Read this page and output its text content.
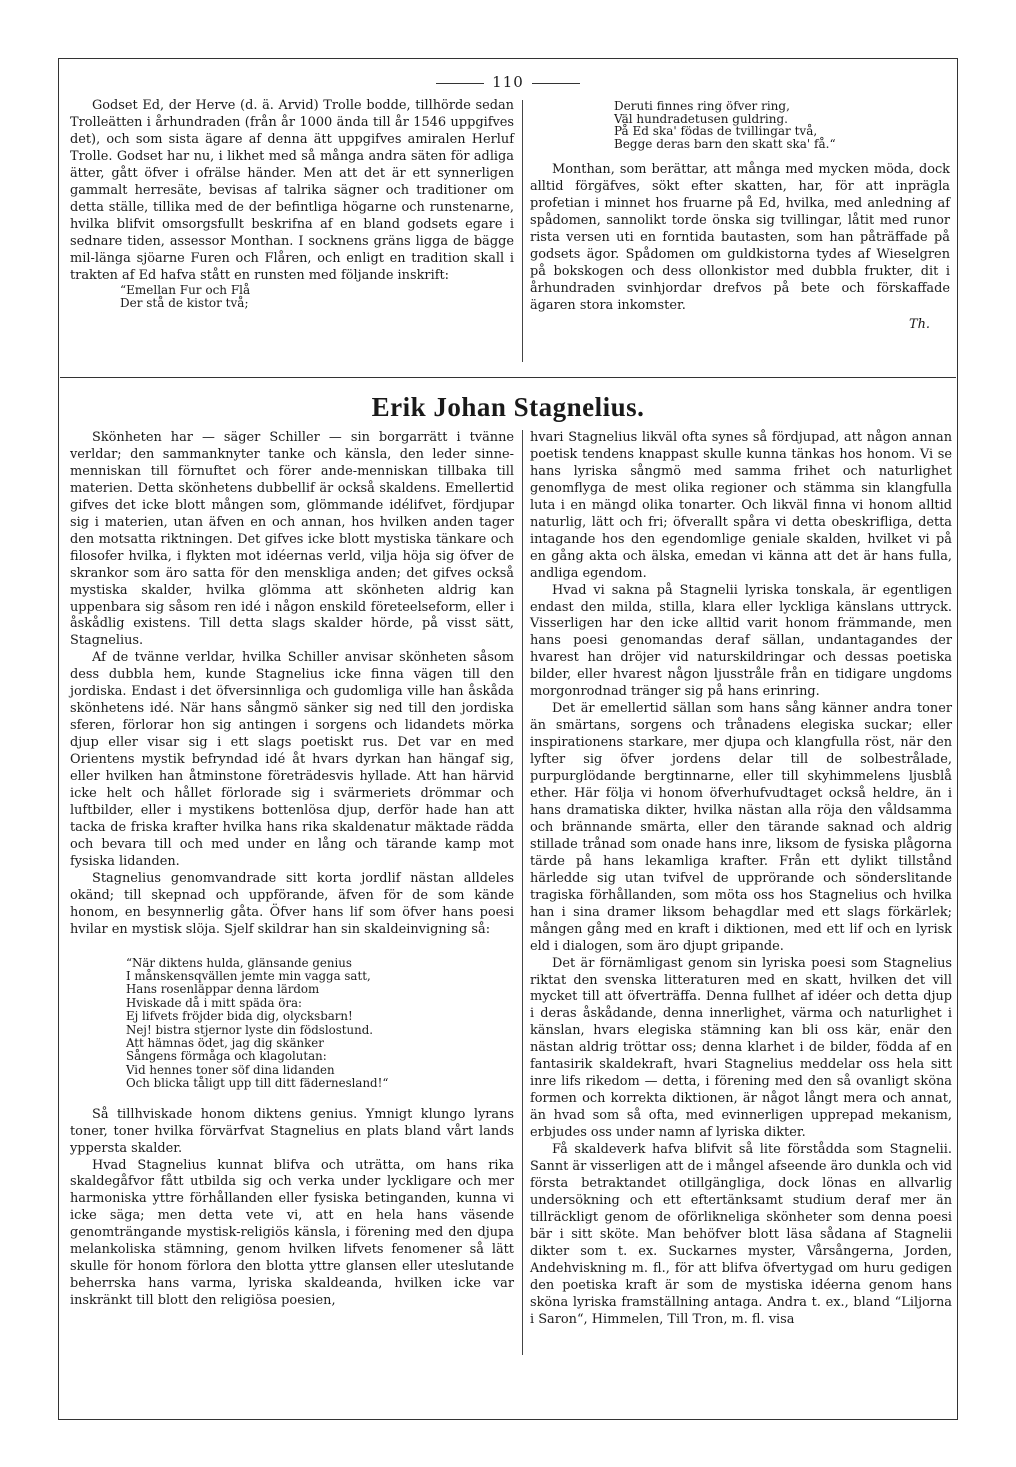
110

Godset Ed, der Herve (d. ä. Arvid) Trolle bodde, tillhörde sedan Trolleätten i århundraden (från år 1000 ända till år 1546 uppgifves det), och som sista ägare af denna ätt uppgifves amiralen Herluf Trolle. Godset har nu, i likhet med så många andra säten för adliga ätter, gått öfver i ofrälse händer. Men att det är ett synnerligen gammalt herresäte, bevisas af talrika sägner och traditioner om detta ställe, tillika med de der befintliga högarne och runstenarne, hvilka blifvit omsorgsfullt beskrifna af en bland godsets egare i sednare tiden, assessor Monthan. I socknens gräns ligga de bägge mil-länga sjöarne Furen och Flåren, och enligt en tradition skall i trakten af Ed hafva stått en runsten med följande inskrift:

“Emellan Fur och Flå
Der stå de kistor två;
Deruti finnes ring öfver ring,
Väl hundradetusen guldring.
På Ed ska' födas de tvillingar två,
Begge deras barn den skatt ska' få.“

Monthan, som berättar, att många med mycken möda, dock alltid förgäfves, sökt efter skatten, har, för att inprägla profetian i minnet hos fruarne på Ed, hvilka, med anledning af spådomen, sannolikt torde önska sig tvillingar, låtit med runor rista versen uti en forntida bautasten, som han påträffade på godsets ägor. Spådomen om guldkistorna tydes af Wieselgren på bokskogen och dess ollonkistor med dubbla frukter, dit i århundraden svinhjordar drefvos på bete och förskaffade ägaren stora inkomster.

Th.
Erik Johan Stagnelius.

Skönheten har — säger Schiller — sin borgarrätt i tvänne verldar; den sammanknyter tanke och känsla, den leder sinne-menniskan till förnuftet och förer ande-menniskan tillbaka till materien. Detta skönhetens dubbellif är också skaldens. Emellertid gifves det icke blott mången som, glömmande idélifvet, fördjupar sig i materien, utan äfven en och annan, hos hvilken anden tager den motsatta riktningen. Det gifves icke blott mystiska tänkare och filosofer hvilka, i flykten mot idéernas verld, vilja höja sig öfver de skrankor som äro satta för den menskliga anden; det gifves också mystiska skalder, hvilka glömma att skönheten aldrig kan uppenbara sig såsom ren idé i någon enskild företeelseform, eller i åskådlig existens. Till detta slags skalder hörde, på visst sätt, Stagnelius.

Af de tvänne verldar, hvilka Schiller anvisar skönheten såsom dess dubbla hem, kunde Stagnelius icke finna vägen till den jordiska. Endast i det öfversinnliga och gudomliga ville han åskåda skönhetens idé. När hans sångmö sänker sig ned till den jordiska sferen, förlorar hon sig antingen i sorgens och lidandets mörka djup eller visar sig i ett slags poetiskt rus. Det var en med Orientens mystik befryndad idé åt hvars dyrkan han hängaf sig, eller hvilken han åtminstone företrädesvis hyllade. Att han härvid icke helt och hållet förlorade sig i svärmeriets drömmar och luftbilder, eller i mystikens bottenlösa djup, derför hade han att tacka de friska krafter hvilka hans rika skaldenatur mäktade rädda och bevara till och med under en lång och tärande kamp mot fysiska lidanden.

Stagnelius genomvandrade sitt korta jordlif nästan alldeles okänd; till skepnad och uppförande, äfven för de som kände honom, en besynnerlig gåta. Öfver hans lif som öfver hans poesi hvilar en mystisk slöja. Sjelf skildrar han sin skaldeinvigning så:

“När diktens hulda, glänsande genius
I månskensqvällen jemte min vagga satt,
Hans rosenläppar denna lärdom
Hviskade då i mitt späda öra:
Ej lifvets fröjder bida dig, olycksbarn!
Nej! bistra stjernor lyste din födslostund.
Att hämnas ödet, jag dig skänker
Sångens förmåga och klagolutan:
Vid hennes toner söf dina lidanden
Och blicka tåligt upp till ditt fädernesland!“

Så tillhviskade honom diktens genius. Ymnigt klungo lyrans toner, toner hvilka förvärfvat Stagnelius en plats bland vårt lands yppersta skalder.

Hvad Stagnelius kunnat blifva och uträtta, om hans rika skaldegåfvor fått utbilda sig och verka under lyckligare och mer harmoniska yttre förhållanden eller fysiska betinganden, kunna vi icke säga; men detta vete vi, att en hela hans väsende genomträngande mystisk-religiös känsla, i förening med den djupa melankoliska stämning, genom hvilken lifvets fenomener så lätt skulle för honom förlora den blotta yttre glansen eller uteslutande beherrska hans varma, lyriska skaldeanda, hvilken icke var inskränkt till blott den religiösa poesien,

hvari Stagnelius likväl ofta synes så fördjupad, att någon annan poetisk tendens knappast skulle kunna tänkas hos honom. Vi se hans lyriska sångmö med samma frihet och naturlighet genomflyga de mest olika regioner och stämma sin klangfulla luta i en mängd olika tonarter. Och likväl finna vi honom alltid naturlig, lätt och fri; öfverallt spåra vi detta obeskrifliga, detta intagande hos den egendomlige geniale skalden, hvilket vi på en gång akta och älska, emedan vi känna att det är hans fulla, andliga egendom.

Hvad vi sakna på Stagnelii lyriska tonskala, är egentligen endast den milda, stilla, klara eller lyckliga känslans uttryck. Visserligen har den icke alltid varit honom främmande, men hans poesi genomandas deraf sällan, undantagandes der hvarest han dröjer vid naturskildringar och dessas poetiska bilder, eller hvarest någon ljusstråle från en tidigare ungdoms morgonrodnad tränger sig på hans erinring.

Det är emellertid sällan som hans sång känner andra toner än smärtans, sorgens och trånadens elegiska suckar; eller inspirationens starkare, mer djupa och klangfulla röst, när den lyfter sig öfver jordens delar till de solbestrålade, purpurglödande bergtinnarne, eller till skyhimmelens ljusblå ether. Här följa vi honom öfverhufvudtaget också heldre, än i hans dramatiska dikter, hvilka nästan alla röja den våldsamma och brännande smärta, eller den tärande saknad och aldrig stillade trånad som onade hans inre, liksom de fysiska plågorna tärde på hans lekamliga krafter. Från ett dylikt tillstånd härledde sig utan tvifvel de upprörande och sönderslitande tragiska förhållanden, som möta oss hos Stagnelius och hvilka han i sina dramer liksom behagdlar med ett slags förkärlek; mången gång med en kraft i diktionen, med ett lif och en lyrisk eld i dialogen, som äro djupt gripande.

Det är förnämligast genom sin lyriska poesi som Stagnelius riktat den svenska litteraturen med en skatt, hvilken det vill mycket till att öfverträffa. Denna fullhet af idéer och detta djup i deras åskådande, denna innerlighet, värma och naturlighet i känslan, hvars elegiska stämning kan bli oss kär, enär den nästan aldrig tröttar oss; denna klarhet i de bilder, födda af en fantasirik skaldekraft, hvari Stagnelius meddelar oss hela sitt inre lifs rikedom — detta, i förening med den så ovanligt sköna formen och korrekta diktionen, är något långt mera och annat, än hvad som så ofta, med evinnerligen upprepad mekanism, erbjudes oss under namn af lyriska dikter.

Få skaldeverk hafva blifvit så lite förstådda som Stagnelii. Sannt är visserligen att de i mångel afseende äro dunkla och vid första betraktandet otillgängliga, dock lönas en allvarlig undersökning och ett eftertänksamt studium deraf mer än tillräckligt genom de oförlikneliga skönheter som denna poesi bär i sitt sköte. Man behöfver blott läsa sådana af Stagnelii dikter som t. ex. Suckarnes myster, Vårsångerna, Jorden, Andehviskning m. fl., för att blifva öfvertygad om huru gedigen den poetiska kraft är som de mystiska idéerna genom hans sköna lyriska framställning antaga. Andra t. ex., bland “Liljorna i Saron“, Himmelen, Till Tron, m. fl. visa
